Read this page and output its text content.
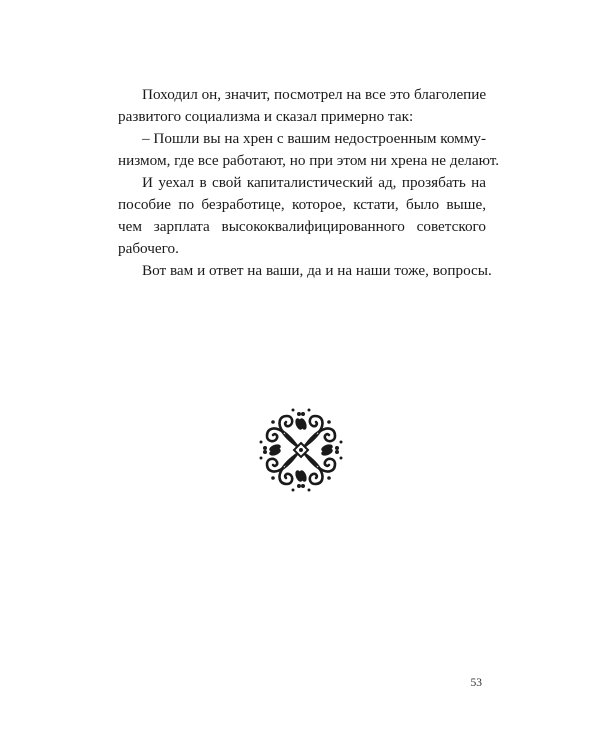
Походил он, значит, посмотрел на все это благолепие
развитого социализма и сказал примерно так:
– Пошли вы на хрен с вашим недостроенным комму-
низмом, где все работают, но при этом ни хрена не делают.
И уехал в свой капиталистический ад, прозябать на
пособие по безработице, которое, кстати, было выше,
чем зарплата высококвалифицированного советского
рабочего.
Вот вам и ответ на ваши, да и на наши тоже, вопросы.
53
